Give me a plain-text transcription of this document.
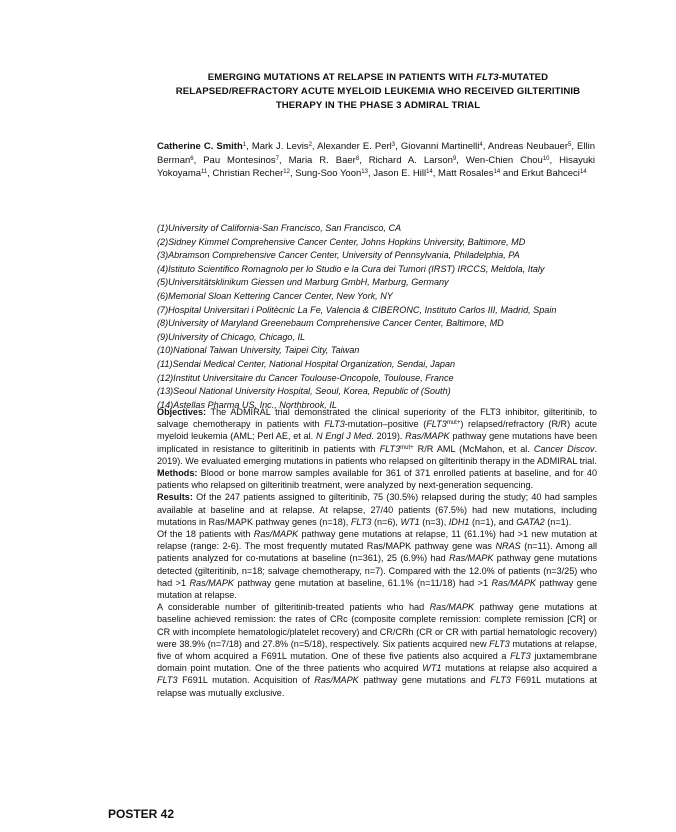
EMERGING MUTATIONS AT RELAPSE IN PATIENTS WITH FLT3-MUTATED
RELAPSED/REFRACTORY ACUTE MYELOID LEUKEMIA WHO RECEIVED GILTERITINIB
THERAPY IN THE PHASE 3 ADMIRAL TRIAL
Catherine C. Smith$^1$, Mark J. Levis$^2$, Alexander E. Perl$^3$, Giovanni Martinelli$^4$, Andreas Neubauer$^5$, Ellin Berman$^6$, Pau Montesinos$^7$, Maria R. Baer$^8$, Richard A. Larson$^9$, Wen-Chien Chou$^{10}$, Hisayuki Yokoyama$^{11}$, Christian Recher$^{12}$, Sung-Soo Yoon$^{13}$, Jason E. Hill$^{14}$, Matt Rosales$^{14}$ and Erkut Bahceci$^{14}$
(1)University of California-San Francisco, San Francisco, CA
(2)Sidney Kimmel Comprehensive Cancer Center, Johns Hopkins University, Baltimore, MD
(3)Abramson Comprehensive Cancer Center, University of Pennsylvania, Philadelphia, PA
(4)Istituto Scientifico Romagnolo per lo Studio e la Cura dei Tumori (IRST) IRCCS, Meldola, Italy
(5)Universitätsklinikum Giessen und Marburg GmbH, Marburg, Germany
(6)Memorial Sloan Kettering Cancer Center, New York, NY
(7)Hospital Universitari i Politècnic La Fe, Valencia & CIBERONC, Instituto Carlos III, Madrid, Spain
(8)University of Maryland Greenebaum Comprehensive Cancer Center, Baltimore, MD
(9)University of Chicago, Chicago, IL
(10)National Taiwan University, Taipei City, Taiwan
(11)Sendai Medical Center, National Hospital Organization, Sendai, Japan
(12)Institut Universitaire du Cancer Toulouse-Oncopole, Toulouse, France
(13)Seoul National University Hospital, Seoul, Korea, Republic of (South)
(14)Astellas Pharma US, Inc., Northbrook, IL

Objectives: The ADMIRAL trial demonstrated the clinical superiority of the FLT3 inhibitor, gilteritinib, to salvage chemotherapy in patients with FLT3-mutation–positive $(FLT3^{mut+})$ relapsed/refractory (R/R) acute myeloid leukemia (AML; Perl AE, et al. N Engl J Med. 2019). Ras/MAPK pathway gene mutations have been implicated in resistance to gilteritinib in patients with $FLT3^{mut+}$ R/R AML (McMahon, et al. Cancer Discov. 2019). We evaluated emerging mutations in patients who relapsed on gilteritinib therapy in the ADMIRAL trial.

Methods: Blood or bone marrow samples available for 361 of 371 enrolled patients at baseline, and for 40 patients who relapsed on gilteritinib treatment, were analyzed by next-generation sequencing.

Results: Of the 247 patients assigned to gilteritinib, 75 (30.5%) relapsed during the study; 40 had samples available at baseline and at relapse. At relapse, 27/40 patients (67.5%) had new mutations, including mutations in Ras/MAPK pathway genes (n=18), FLT3 (n=6), WT1 (n=3), IDH1 (n=1), and GATA2 (n=1).

Of the 18 patients with Ras/MAPK pathway gene mutations at relapse, 11 (61.1%) had >1 new mutation at relapse (range: 2-6). The most frequently mutated Ras/MAPK pathway gene was NRAS (n=11). Among all patients analyzed for co-mutations at baseline (n=361), 25 (6.9%) had Ras/MAPK pathway gene mutations detected (gilteritinib, n=18; salvage chemotherapy, n=7). Compared with the 12.0% of patients (n=3/25) who had >1 Ras/MAPK pathway gene mutation at baseline, 61.1% (n=11/18) had >1 Ras/MAPK pathway gene mutation at relapse.

A considerable number of gilteritinib-treated patients who had Ras/MAPK pathway gene mutations at baseline achieved remission: the rates of CRc (composite complete remission: complete remission [CR] or CR with incomplete hematologic/platelet recovery) and CR/CRh (CR or CR with partial hematologic recovery) were 38.9% (n=7/18) and 27.8% (n=5/18), respectively. Six patients acquired new FLT3 mutations at relapse, five of whom acquired a F691L mutation. One of these five patients also acquired a FLT3 juxtamembrane domain point mutation. One of the three patients who acquired WT1 mutations at relapse also acquired a FLT3 F691L mutation. Acquisition of Ras/MAPK pathway gene mutations and FLT3 F691L mutations at relapse was mutually exclusive.

POSTER 42
